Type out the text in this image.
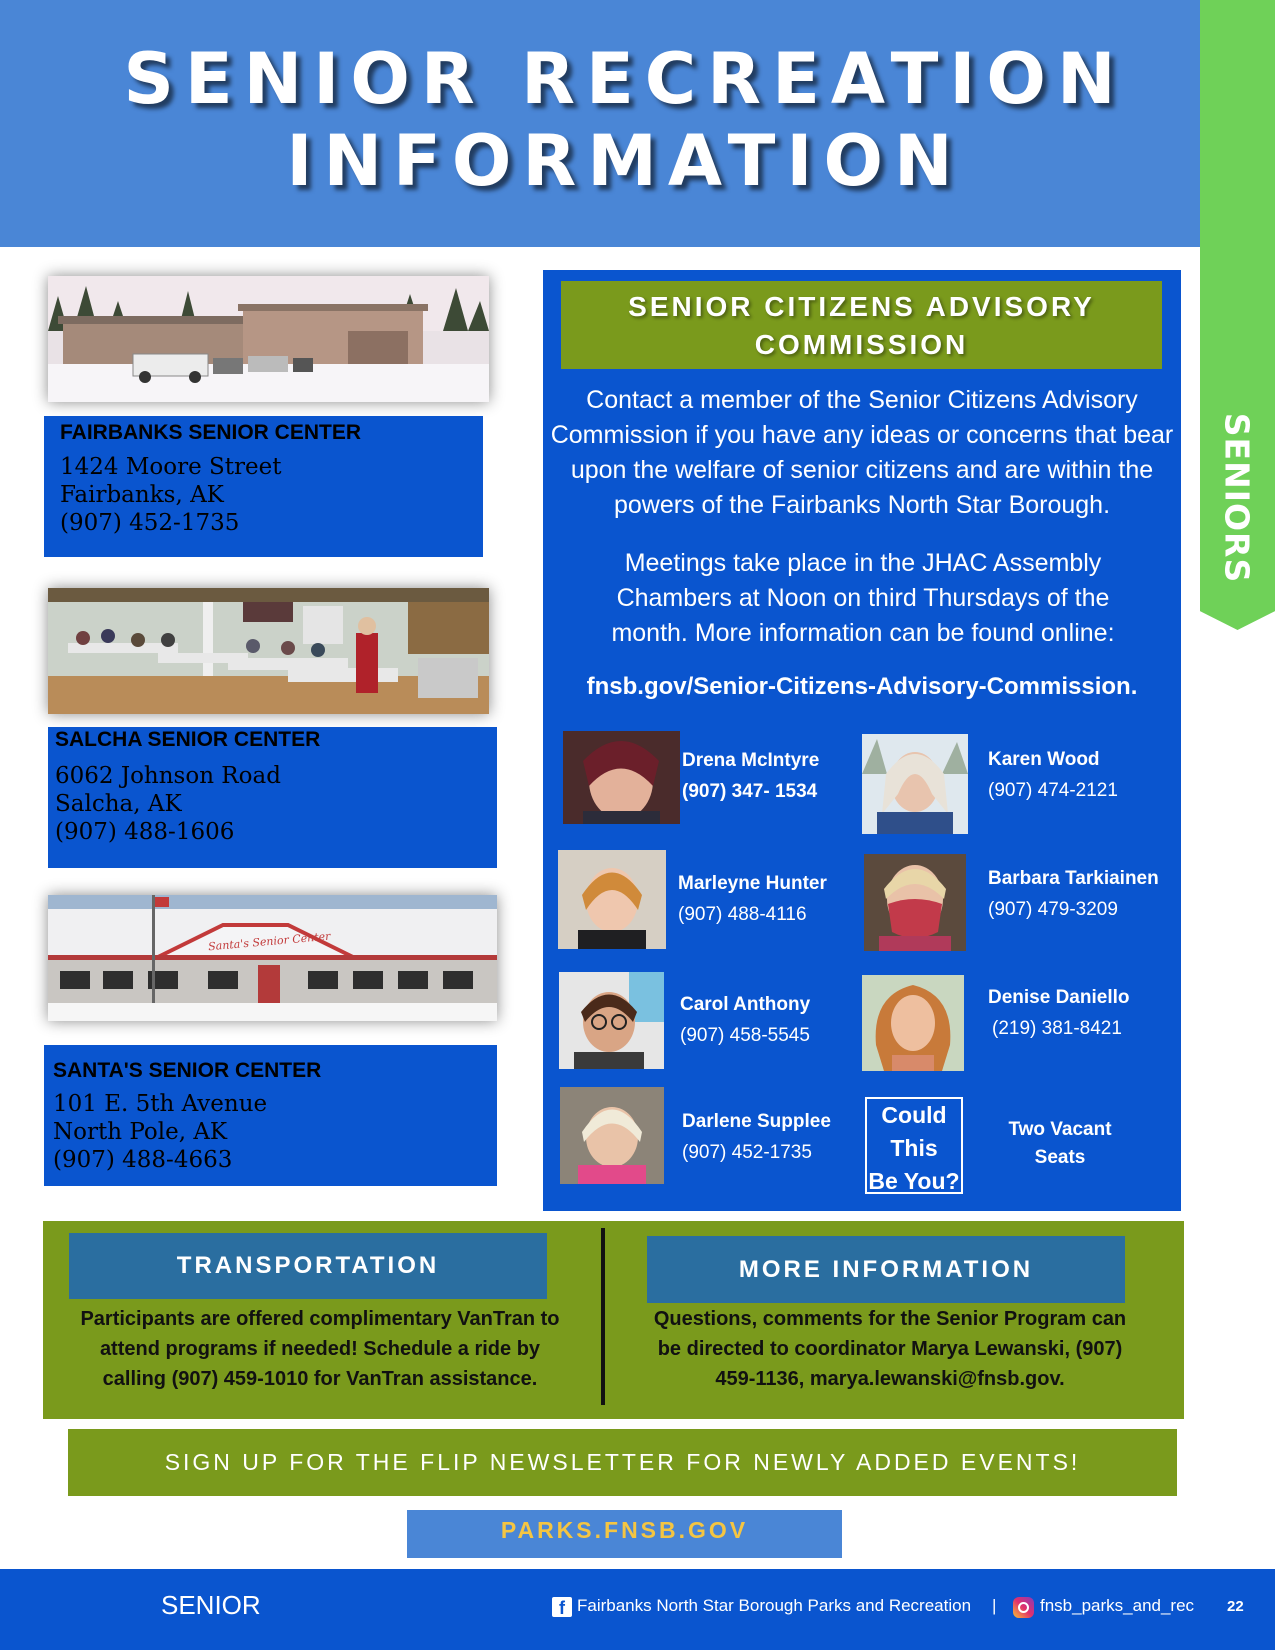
SENIOR RECREATION
INFORMATION
SENIORS
FAIRBANKS SENIOR CENTER
1424 Moore Street
Fairbanks, AK
(907) 452-1735
SALCHA SENIOR CENTER
6062 Johnson Road
Salcha, AK
(907) 488-1606
Santa's Senior Center
SANTA'S SENIOR CENTER
101 E. 5th Avenue
North Pole, AK
(907) 488-4663
SENIOR CITIZENS ADVISORY
COMMISSION
Contact a member of the Senior Citizens Advisory Commission if you have any ideas or concerns that bear upon the welfare of senior citizens and are within the powers of the Fairbanks North Star Borough.
Meetings take place in the JHAC Assembly Chambers at Noon on third Thursdays of the month. More information can be found online:
fnsb.gov/Senior-Citizens-Advisory-Commission.
Drena McIntyre
(907) 347- 1534
Karen Wood
(907) 474-2121
Marleyne Hunter
(907) 488-4116
Barbara Tarkiainen
(907) 479-3209
Carol Anthony
(907) 458-5545
Denise Daniello
(219) 381-8421
Darlene Supplee
(907) 452-1735
Could
This
Be You?
Two Vacant
Seats
TRANSPORTATION
Participants are offered complimentary VanTran to attend programs if needed! Schedule a ride by calling (907) 459-1010 for VanTran assistance.
MORE INFORMATION
Questions, comments for the Senior Program can be directed to coordinator Marya Lewanski, (907) 459-1136, marya.lewanski@fnsb.gov.
SIGN UP FOR THE FLIP NEWSLETTER FOR NEWLY ADDED EVENTS!
PARKS.FNSB.GOV
SENIOR	f Fairbanks North Star Borough Parks and Recreation |	fnsb_parks_and_rec 22
